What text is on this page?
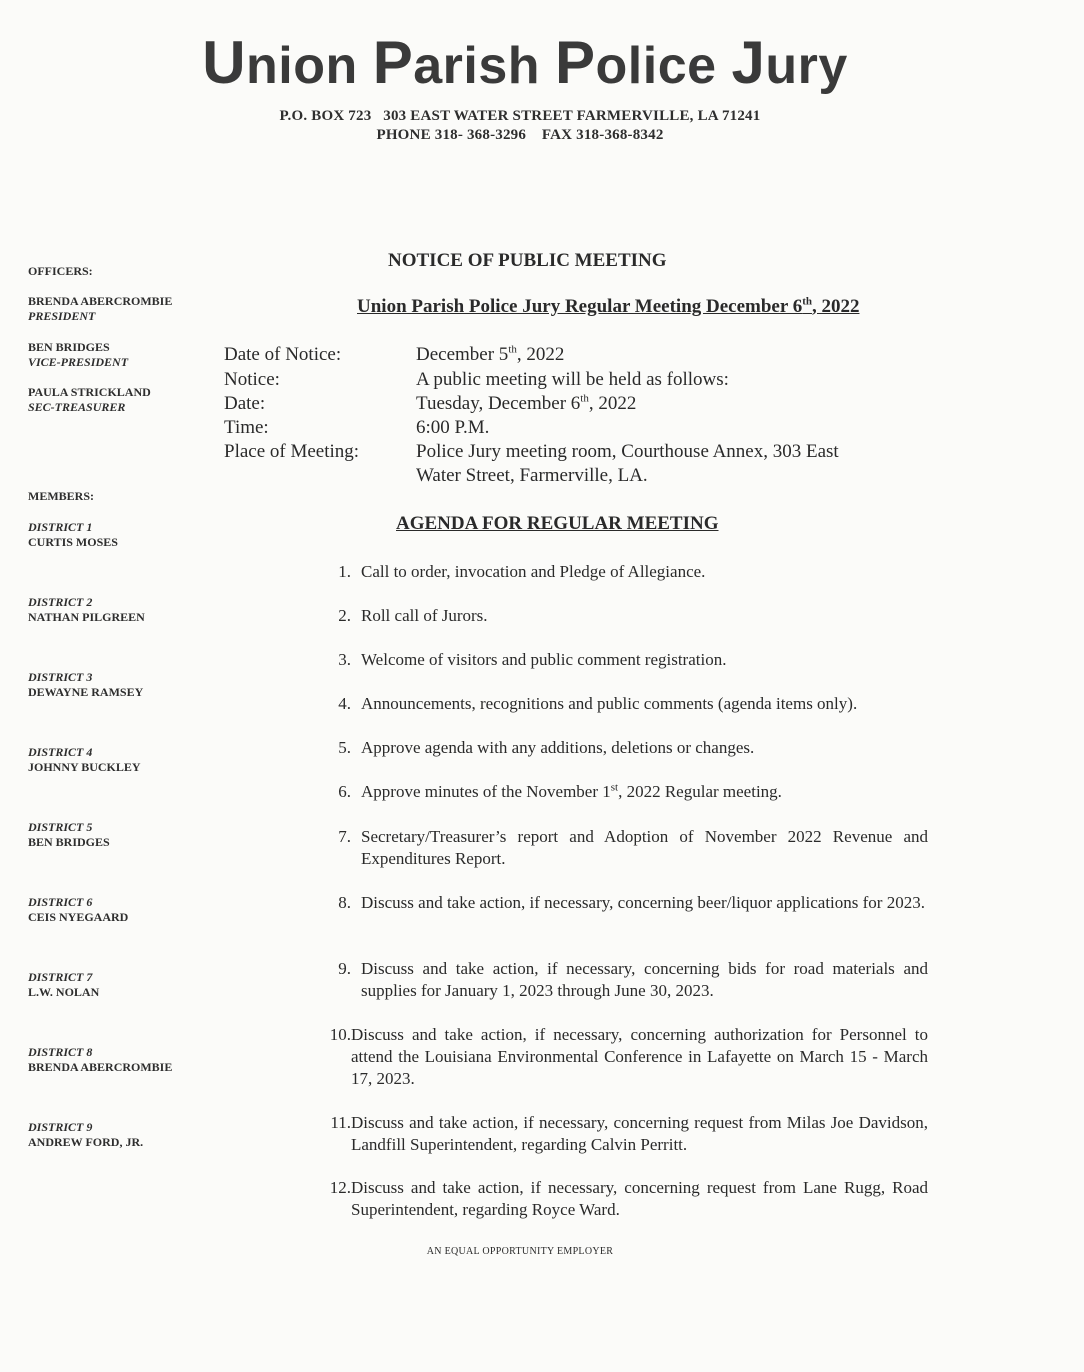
Union Parish Police Jury
P.O. BOX 723   303 EAST WATER STREET FARMERVILLE, LA 71241
PHONE 318- 368-3296    FAX 318-368-8342
OFFICERS:
BRENDA ABERCROMBIE
PRESIDENT
BEN BRIDGES
VICE-PRESIDENT
PAULA STRICKLAND
SEC-TREASURER
MEMBERS:
DISTRICT 1
CURTIS MOSES
DISTRICT 2
NATHAN PILGREEN
DISTRICT 3
DEWAYNE RAMSEY
DISTRICT 4
JOHNNY BUCKLEY
DISTRICT 5
BEN BRIDGES
DISTRICT 6
CEIS NYEGAARD
DISTRICT 7
L.W. NOLAN
DISTRICT 8
BRENDA ABERCROMBIE
DISTRICT 9
ANDREW FORD, JR.
NOTICE OF PUBLIC MEETING
Union Parish Police Jury Regular Meeting December 6th, 2022
Date of Notice:	December 5th, 2022
Notice:	A public meeting will be held as follows:
Date:	Tuesday, December 6th, 2022
Time:	6:00 P.M.
Place of Meeting:	Police Jury meeting room, Courthouse Annex, 303 East
Water Street, Farmerville, LA.
AGENDA FOR REGULAR MEETING
1. Call to order, invocation and Pledge of Allegiance.
2. Roll call of Jurors.
3. Welcome of visitors and public comment registration.
4. Announcements, recognitions and public comments (agenda items only).
5. Approve agenda with any additions, deletions or changes.
6. Approve minutes of the November 1st, 2022 Regular meeting.
7. Secretary/Treasurer’s report and Adoption of November 2022 Revenue and Expenditures Report.
8. Discuss and take action, if necessary, concerning beer/liquor applications for 2023.
9. Discuss and take action, if necessary, concerning bids for road materials and supplies for January 1, 2023 through June 30, 2023.
10. Discuss and take action, if necessary, concerning authorization for Personnel to attend the Louisiana Environmental Conference in Lafayette on March 15 - March 17, 2023.
11. Discuss and take action, if necessary, concerning request from Milas Joe Davidson, Landfill Superintendent, regarding Calvin Perritt.
12. Discuss and take action, if necessary, concerning request from Lane Rugg, Road Superintendent, regarding Royce Ward.
AN EQUAL OPPORTUNITY EMPLOYER
